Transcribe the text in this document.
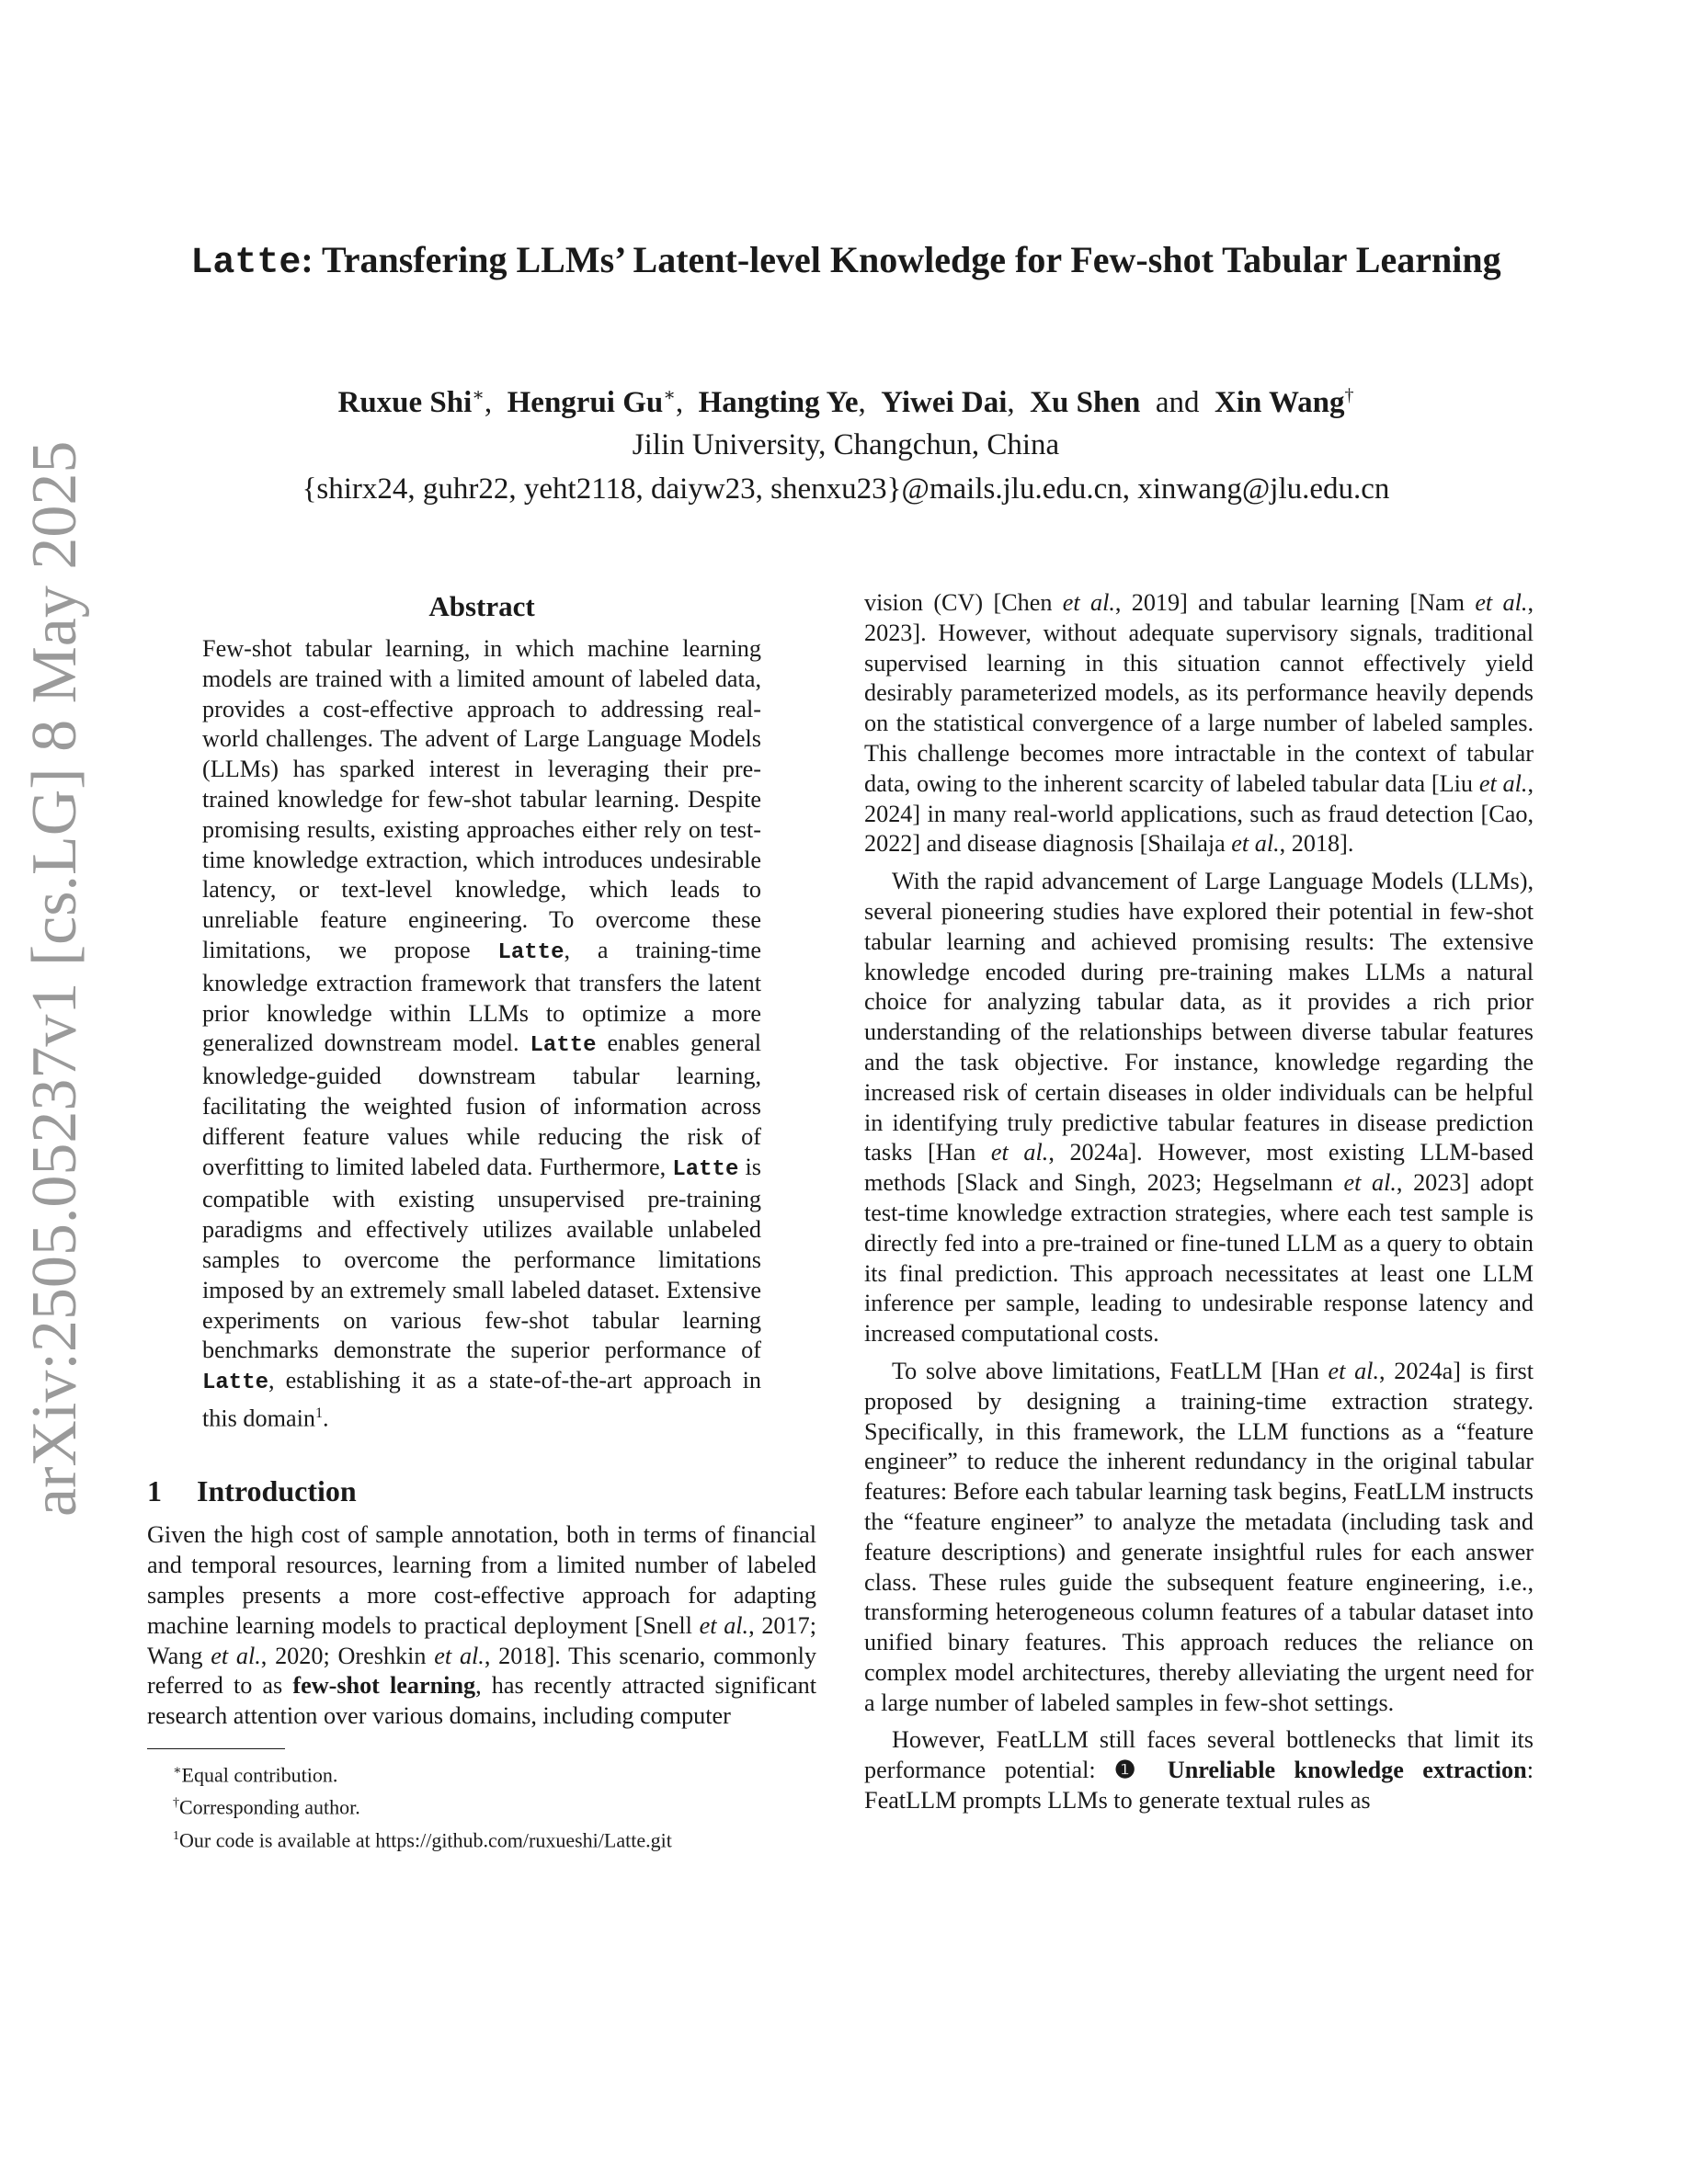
arXiv:2505.05237v1 [cs.LG] 8 May 2025
Latte: Transfering LLMs’ Latent-level Knowledge for Few-shot Tabular Learning
Ruxue Shi∗, Hengrui Gu∗, Hangting Ye, Yiwei Dai, Xu Shen and Xin Wang†
Jilin University, Changchun, China
{shirx24, guhr22, yeht2118, daiyw23, shenxu23}@mails.jlu.edu.cn, xinwang@jlu.edu.cn
Abstract
Few-shot tabular learning, in which machine learning models are trained with a limited amount of labeled data, provides a cost-effective approach to addressing real-world challenges. The advent of Large Language Models (LLMs) has sparked interest in leveraging their pre-trained knowledge for few-shot tabular learning. Despite promising results, existing approaches either rely on test-time knowledge extraction, which introduces undesirable latency, or text-level knowledge, which leads to unreliable feature engineering. To overcome these limitations, we propose Latte, a training-time knowledge extraction framework that transfers the latent prior knowledge within LLMs to optimize a more generalized downstream model. Latte enables general knowledge-guided downstream tabular learning, facilitating the weighted fusion of information across different feature values while reducing the risk of overfitting to limited labeled data. Furthermore, Latte is compatible with existing unsupervised pre-training paradigms and effectively utilizes available unlabeled samples to overcome the performance limitations imposed by an extremely small labeled dataset. Extensive experiments on various few-shot tabular learning benchmarks demonstrate the superior performance of Latte, establishing it as a state-of-the-art approach in this domain$^1$.
1 Introduction

Given the high cost of sample annotation, both in terms of financial and temporal resources, learning from a limited number of labeled samples presents a more cost-effective approach for adapting machine learning models to practical deployment [Snell et al., 2017; Wang et al., 2020; Oreshkin et al., 2018]. This scenario, commonly referred to as few-shot learning, has recently attracted significant research attention over various domains, including computer

∗Equal contribution.

†Corresponding author.

$^1$Our code is available at https://github.com/ruxueshi/Latte.git

vision (CV) [Chen et al., 2019] and tabular learning [Nam et al., 2023]. However, without adequate supervisory signals, traditional supervised learning in this situation cannot effectively yield desirably parameterized models, as its performance heavily depends on the statistical convergence of a large number of labeled samples. This challenge becomes more intractable in the context of tabular data, owing to the inherent scarcity of labeled tabular data [Liu et al., 2024] in many real-world applications, such as fraud detection [Cao, 2022] and disease diagnosis [Shailaja et al., 2018].

With the rapid advancement of Large Language Models (LLMs), several pioneering studies have explored their potential in few-shot tabular learning and achieved promising results: The extensive knowledge encoded during pre-training makes LLMs a natural choice for analyzing tabular data, as it provides a rich prior understanding of the relationships between diverse tabular features and the task objective. For instance, knowledge regarding the increased risk of certain diseases in older individuals can be helpful in identifying truly predictive tabular features in disease prediction tasks [Han et al., 2024a]. However, most existing LLM-based methods [Slack and Singh, 2023; Hegselmann et al., 2023] adopt test-time knowledge extraction strategies, where each test sample is directly fed into a pre-trained or fine-tuned LLM as a query to obtain its final prediction. This approach necessitates at least one LLM inference per sample, leading to undesirable response latency and increased computational costs.

To solve above limitations, FeatLLM [Han et al., 2024a] is first proposed by designing a training-time extraction strategy. Specifically, in this framework, the LLM functions as a “feature engineer” to reduce the inherent redundancy in the original tabular features: Before each tabular learning task begins, FeatLLM instructs the “feature engineer” to analyze the metadata (including task and feature descriptions) and generate insightful rules for each answer class. These rules guide the subsequent feature engineering, i.e., transforming heterogeneous column features of a tabular dataset into unified binary features. This approach reduces the reliance on complex model architectures, thereby alleviating the urgent need for a large number of labeled samples in few-shot settings.

However, FeatLLM still faces several bottlenecks that limit its performance potential: ❶ Unreliable knowledge extraction: FeatLLM prompts LLMs to generate textual rules as
